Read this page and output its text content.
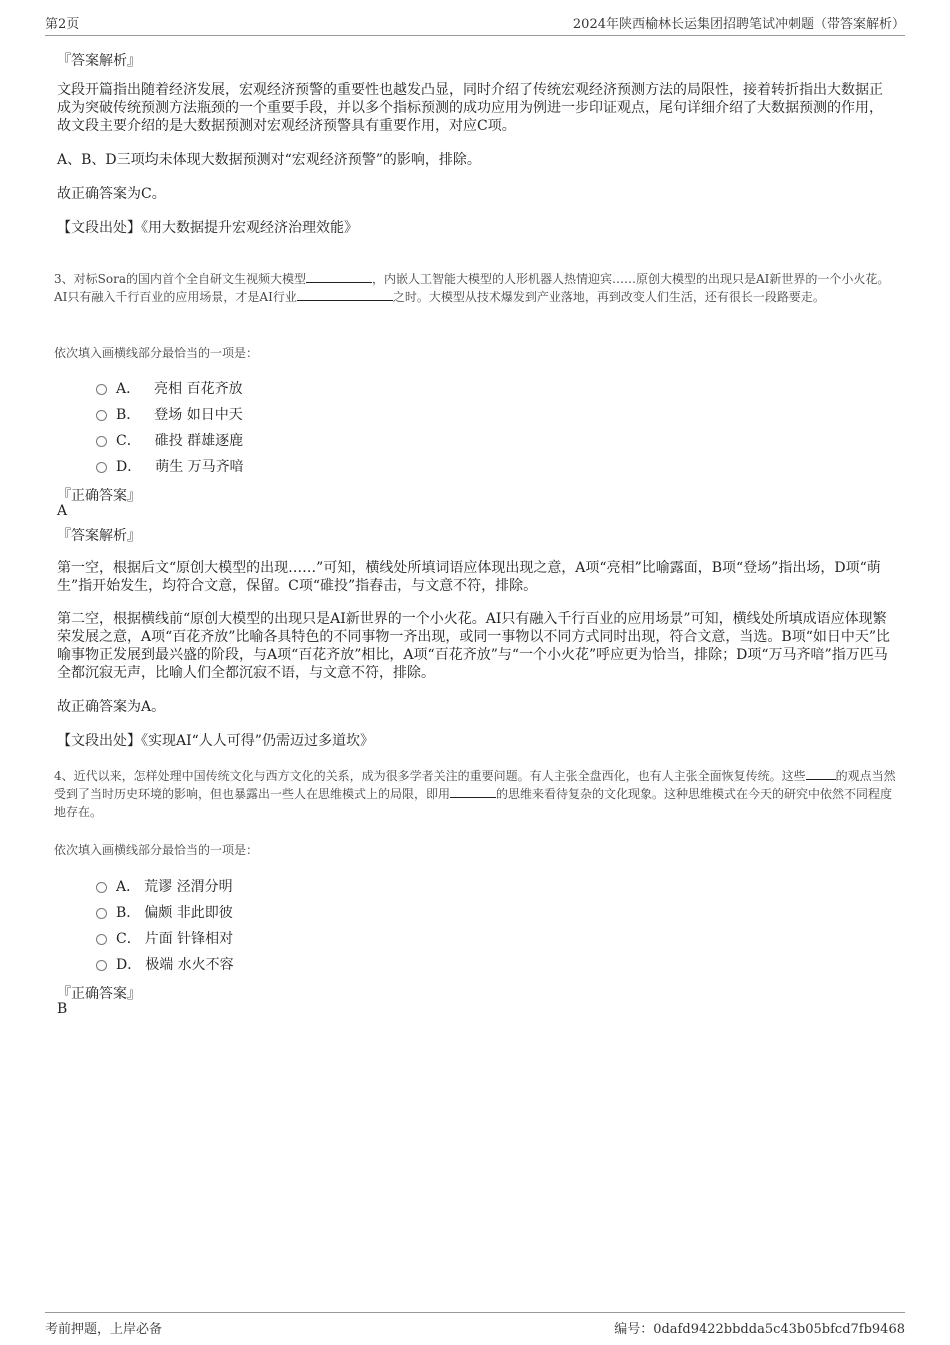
第2页	2024年陕西榆林长运集团招聘笔试冲刺题（带答案解析）
『答案解析』
文段开篇指出随着经济发展，宏观经济预警的重要性也越发凸显，同时介绍了传统宏观经济预测方法的局限性，接着转折指出大数据正成为突破传统预测方法瓶颈的一个重要手段，并以多个指标预测的成功应用为例进一步印证观点，尾句详细介绍了大数据预测的作用，故文段主要介绍的是大数据预测对宏观经济预警具有重要作用，对应C项。
A、B、D三项均未体现大数据预测对“宏观经济预警”的影响，排除。
故正确答案为C。
【文段出处】《用大数据提升宏观经济治理效能》
3、对标Sora的国内首个全自研文生视频大模型	，内嵌人工智能大模型的人形机器人热情迎宾……原创大模型的出现只是AI新世界的一个小火花。AI只有融入千行百业的应用场景，才是AI行业	之时。大模型从技术爆发到产业落地，再到改变人们生活，还有很长一段路要走。
依次填入画横线部分最恰当的一项是：
A． 亮相 百花齐放
B． 登场 如日中天
C． 碓投 群雄逐鹿
D． 萌生 万马齐喑
『正确答案』
A
『答案解析』
第一空，根据后文“原创大模型的出现……”可知，横线处所填词语应体现出现之意，A项“亮相”比喻露面，B项“登场”指出场，D项“萌生”指开始发生，均符合文意，保留。C项“碓投”指舂击，与文意不符，排除。
第二空，根据横线前“原创大模型的出现只是AI新世界的一个小火花。AI只有融入千行百业的应用场景”可知，横线处所填成语应体现繁荣发展之意，A项“百花齐放”比喻各具特色的不同事物一齐出现，或同一事物以不同方式同时出现，符合文意，当选。B项“如日中天”比喻事物正发展到最兴盛的阶段，与A项“百花齐放”相比，A项“百花齐放”与“一个小火花”呼应更为恰当，排除；D项“万马齐喑”指万匹马全都沉寂无声，比喻人们全都沉寂不语，与文意不符，排除。
故正确答案为A。
【文段出处】《实现AI“人人可得”仍需迈过多道坎》
4、近代以来，怎样处理中国传统文化与西方文化的关系，成为很多学者关注的重要问题。有人主张全盘西化，也有人主张全面恢复传统。这些	的观点当然受到了当时历史环境的影响，但也暴露出一些人在思维模式上的局限，即用	的思维来看待复杂的文化现象。这种思维模式在今天的研究中依然不同程度地存在。
依次填入画横线部分最恰当的一项是：
A． 荒谬 泾渭分明
B． 偏颇 非此即彼
C． 片面 针锋相对
D． 极端 水火不容
『正确答案』
B
考前押题，上岸必备	编号：0dafd9422bbdda5c43b05bfcd7fb9468
